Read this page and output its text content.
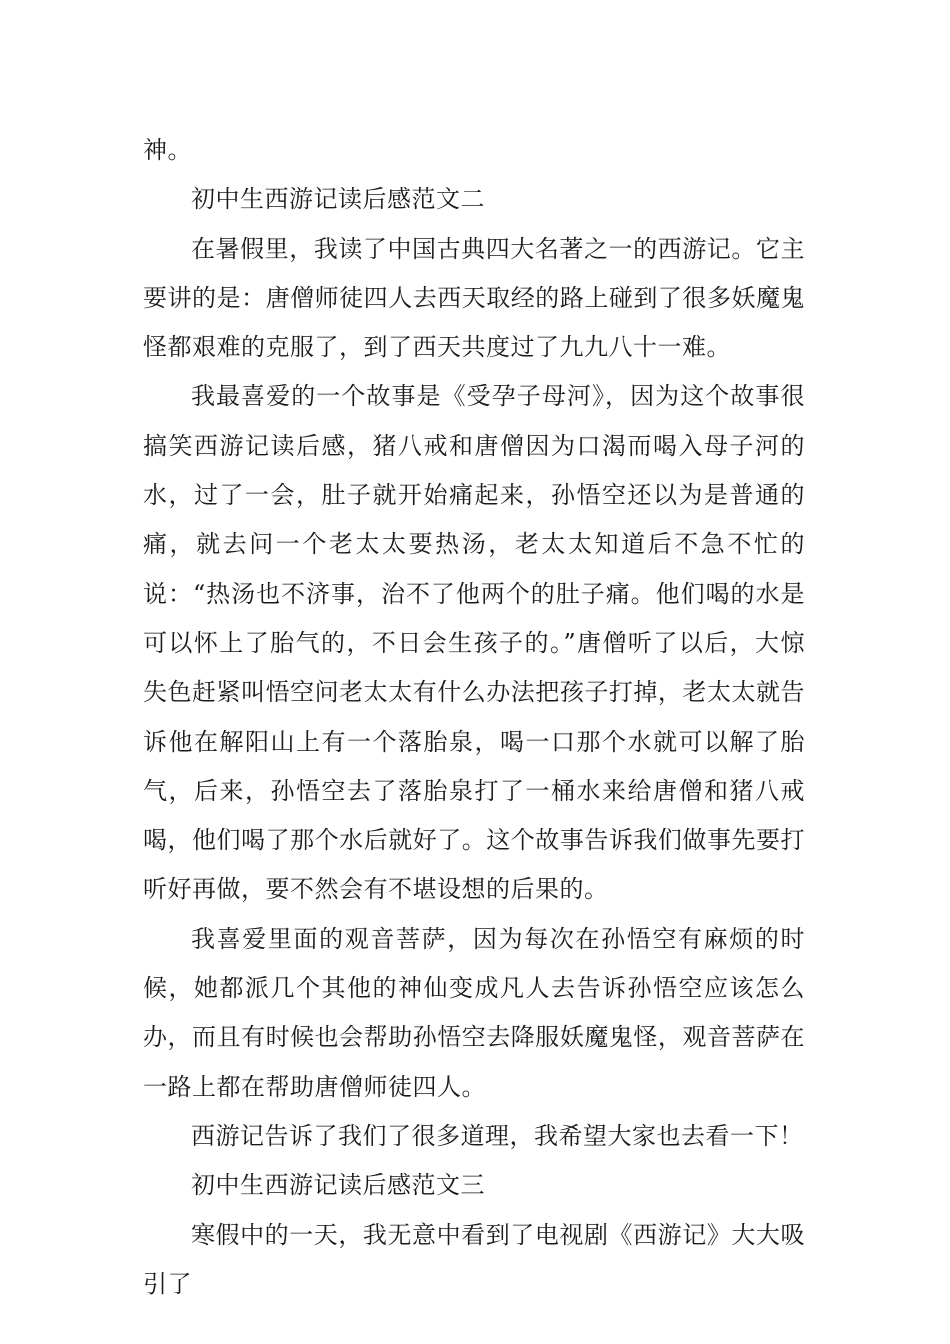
神。

初中生西游记读后感范文二

在暑假里，我读了中国古典四大名著之一的西游记。它主要讲的是：唐僧师徒四人去西天取经的路上碰到了很多妖魔鬼怪都艰难的克服了，到了西天共度过了九九八十一难。

我最喜爱的一个故事是《受孕子母河》，因为这个故事很搞笑西游记读后感，猪八戒和唐僧因为口渴而喝入母子河的水，过了一会，肚子就开始痛起来，孙悟空还以为是普通的痛，就去问一个老太太要热汤，老太太知道后不急不忙的说：“热汤也不济事，治不了他两个的肚子痛。他们喝的水是可以怀上了胎气的，不日会生孩子的。”唐僧听了以后，大惊失色赶紧叫悟空问老太太有什么办法把孩子打掉，老太太就告诉他在解阳山上有一个落胎泉，喝一口那个水就可以解了胎气，后来，孙悟空去了落胎泉打了一桶水来给唐僧和猪八戒喝，他们喝了那个水后就好了。这个故事告诉我们做事先要打听好再做，要不然会有不堪设想的后果的。

我喜爱里面的观音菩萨，因为每次在孙悟空有麻烦的时候，她都派几个其他的神仙变成凡人去告诉孙悟空应该怎么办，而且有时候也会帮助孙悟空去降服妖魔鬼怪，观音菩萨在一路上都在帮助唐僧师徒四人。

西游记告诉了我们了很多道理，我希望大家也去看一下！

初中生西游记读后感范文三

寒假中的一天，我无意中看到了电视剧《西游记》大大吸引了
